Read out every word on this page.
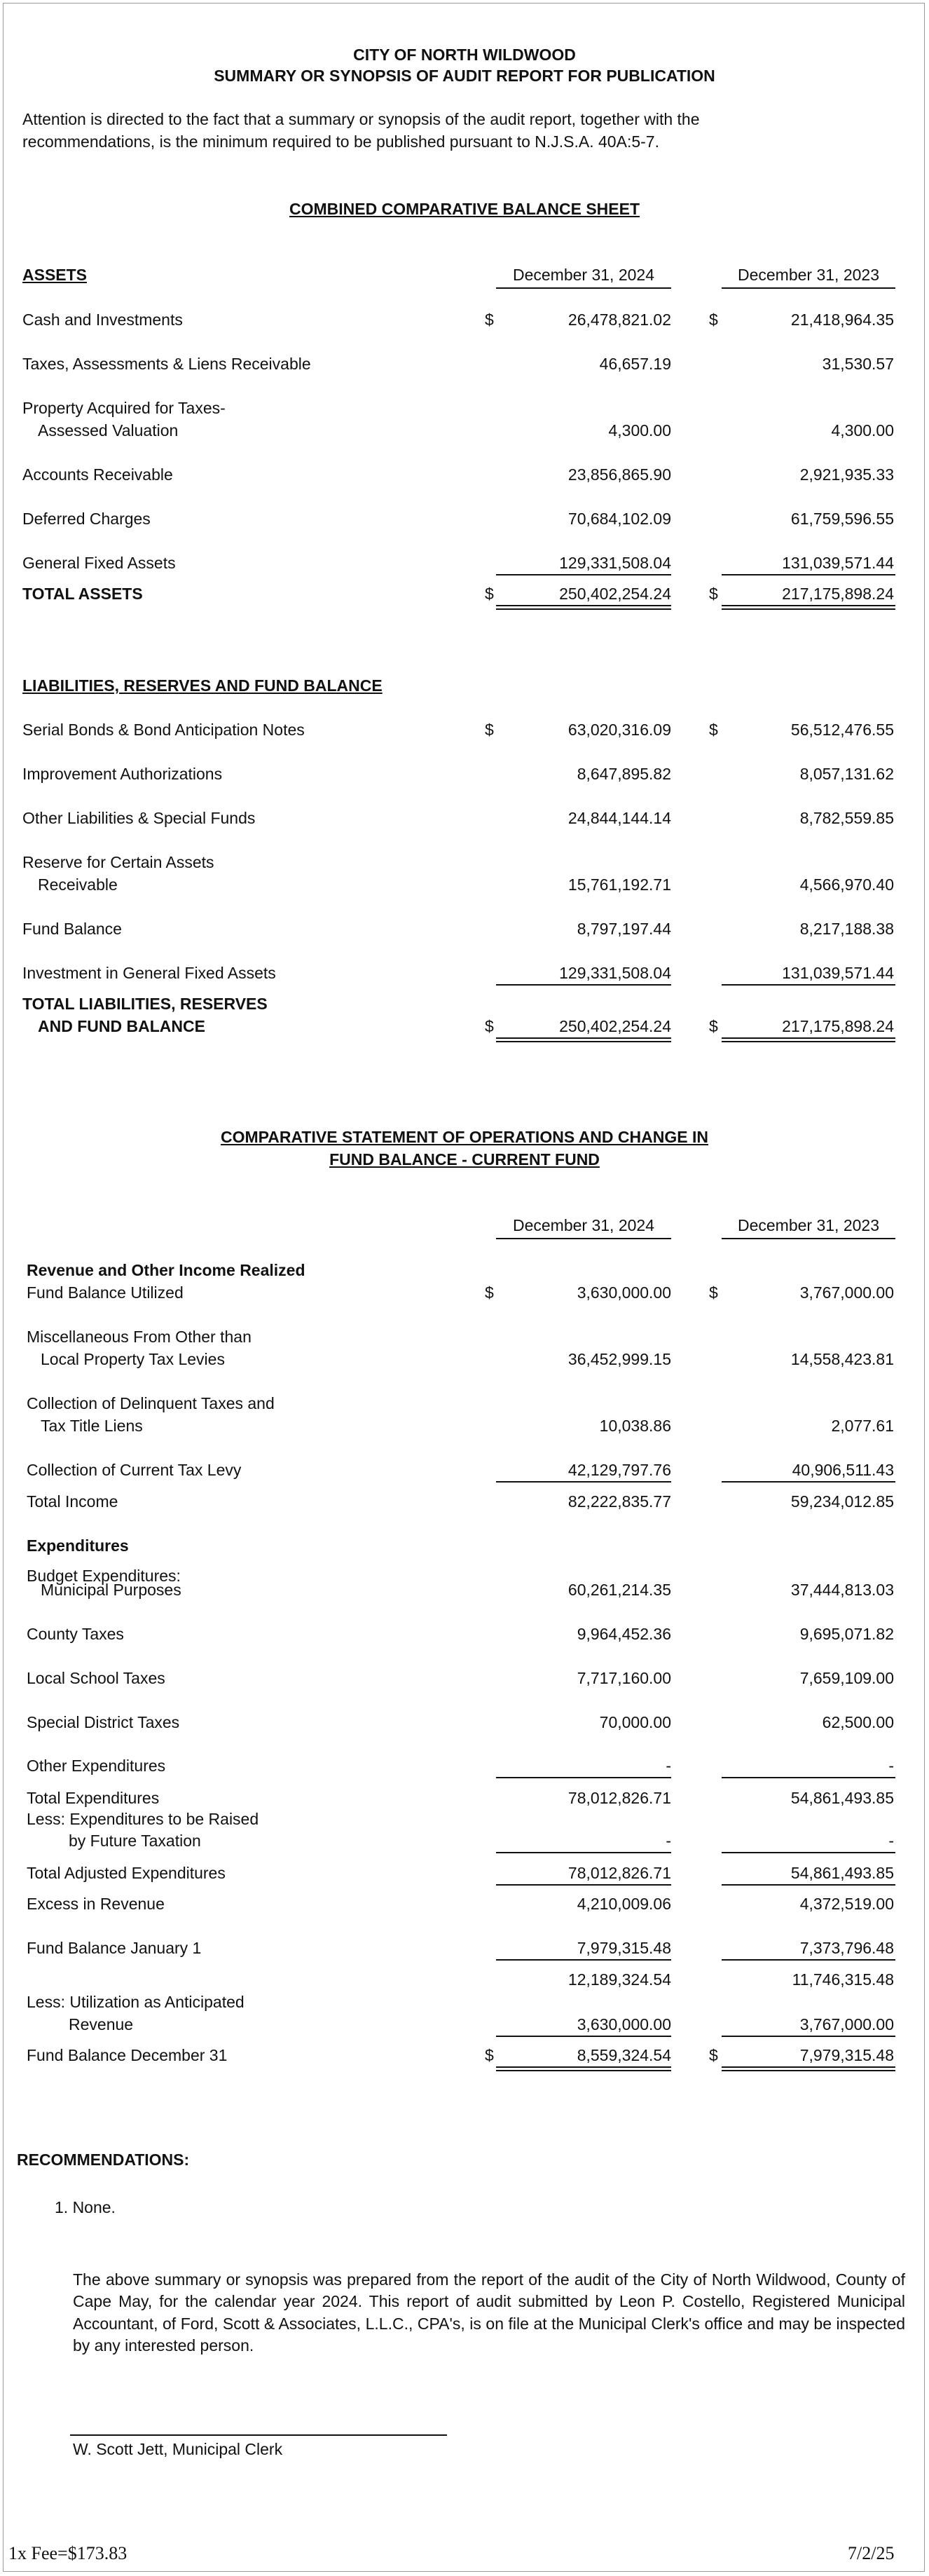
CITY OF NORTH WILDWOOD
SUMMARY OR SYNOPSIS OF AUDIT REPORT FOR PUBLICATION
Attention is directed to the fact that a summary or synopsis of the audit report, together with the
recommendations, is the minimum required to be published pursuant to N.J.S.A. 40A:5-7.
COMBINED COMPARATIVE BALANCE SHEET
ASSETS	December 31, 2024	December 31, 2023
Cash and Investments	$	26,478,821.02 $	21,418,964.35
Taxes, Assessments & Liens Receivable	46,657.19	31,530.57
Property Acquired for Taxes-
Assessed Valuation	4,300.00	4,300.00
Accounts Receivable	23,856,865.90	2,921,935.33
Deferred Charges	70,684,102.09	61,759,596.55
General Fixed Assets	129,331,508.04	131,039,571.44
TOTAL ASSETS	$	250,402,254.24 $	217,175,898.24
LIABILITIES, RESERVES AND FUND BALANCE
Serial Bonds & Bond Anticipation Notes	$	63,020,316.09 $	56,512,476.55
Improvement Authorizations	8,647,895.82	8,057,131.62
Other Liabilities & Special Funds	24,844,144.14	8,782,559.85
Reserve for Certain Assets
Receivable	15,761,192.71	4,566,970.40
Fund Balance	8,797,197.44	8,217,188.38
Investment in General Fixed Assets	129,331,508.04	131,039,571.44
TOTAL LIABILITIES, RESERVES
AND FUND BALANCE	$	250,402,254.24 $	217,175,898.24
COMPARATIVE STATEMENT OF OPERATIONS AND CHANGE IN
FUND BALANCE - CURRENT FUND
December 31, 2024	December 31, 2023
Revenue and Other Income Realized
Fund Balance Utilized	$	3,630,000.00 $	3,767,000.00
Miscellaneous From Other than
Local Property Tax Levies	36,452,999.15	14,558,423.81
Collection of Delinquent Taxes and
Tax Title Liens	10,038.86	2,077.61
Collection of Current Tax Levy	42,129,797.76	40,906,511.43
Total Income	82,222,835.77	59,234,012.85
Expenditures
Budget Expenditures:
Municipal Purposes	60,261,214.35	37,444,813.03
County Taxes	9,964,452.36	9,695,071.82
Local School Taxes	7,717,160.00	7,659,109.00
Special District Taxes	70,000.00	62,500.00
Other Expenditures	-	-
Total Expenditures	78,012,826.71	54,861,493.85
Less: Expenditures to be Raised
by Future Taxation	-	-
Total Adjusted Expenditures	78,012,826.71	54,861,493.85
Excess in Revenue	4,210,009.06	4,372,519.00
Fund Balance January 1	7,979,315.48	7,373,796.48
12,189,324.54	11,746,315.48
Less: Utilization as Anticipated
Revenue	3,630,000.00	3,767,000.00
Fund Balance December 31	$	8,559,324.54 $	7,979,315.48
RECOMMENDATIONS:
1. None.
The above summary or synopsis was prepared from the report of the audit of the City of North Wildwood, County of Cape May, for the calendar year 2024. This report of audit submitted by Leon P. Costello, Registered Municipal Accountant, of Ford, Scott & Associates, L.L.C., CPA's, is on file at the Municipal Clerk's office and may be inspected by any interested person.
W. Scott Jett, Municipal Clerk
1x Fee=$173.83	7/2/25
